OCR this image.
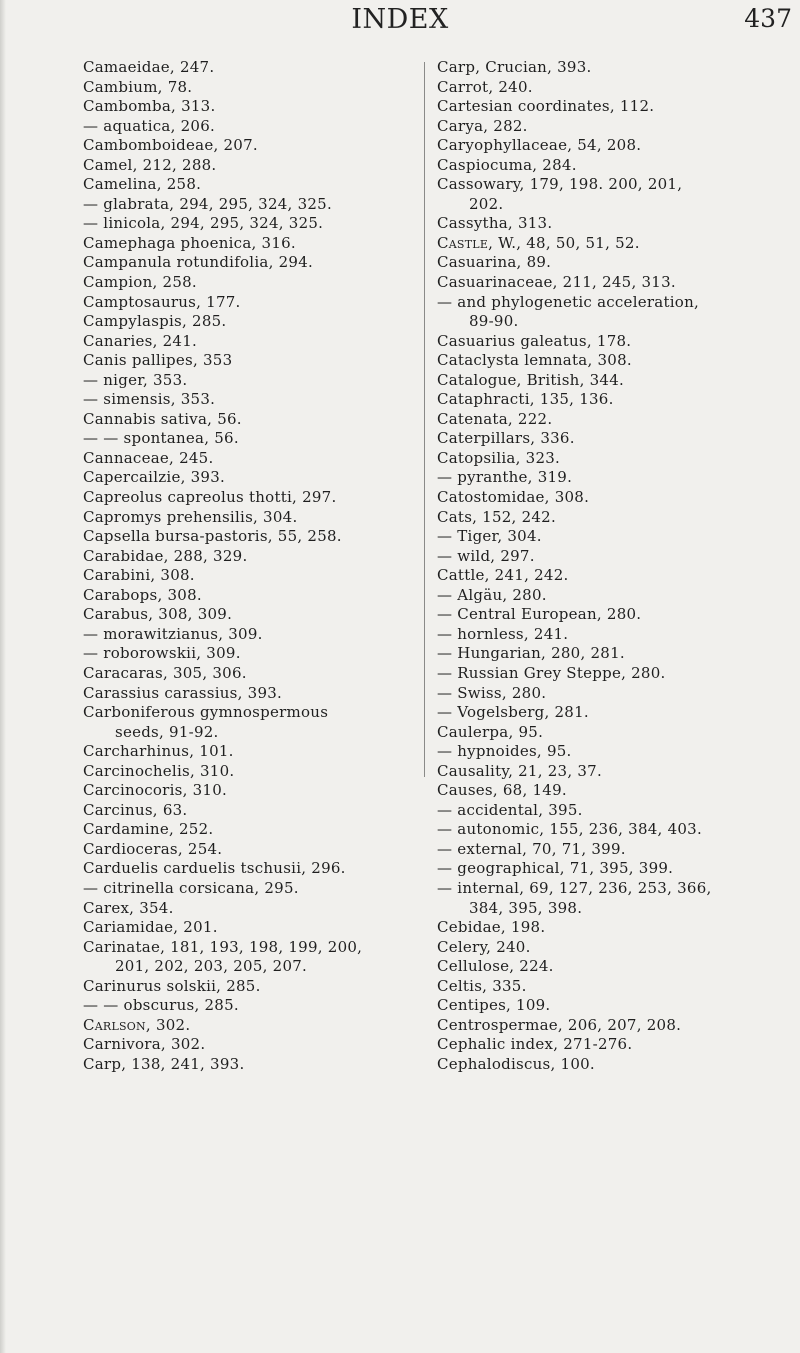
INDEX	437
Camaeidae, 247.
Cambium, 78.
Cambomba, 313.
— aquatica, 206.
Cambomboideae, 207.
Camel, 212, 288.
Camelina, 258.
— glabrata, 294, 295, 324, 325.
— linicola, 294, 295, 324, 325.
Camephaga phoenica, 316.
Campanula rotundifolia, 294.
Campion, 258.
Camptosaurus, 177.
Campylaspis, 285.
Canaries, 241.
Canis pallipes, 353
— niger, 353.
— simensis, 353.
Cannabis sativa, 56.
— — spontanea, 56.
Cannaceae, 245.
Capercailzie, 393.
Capreolus capreolus thotti, 297.
Capromys prehensilis, 304.
Capsella bursa-pastoris, 55, 258.
Carabidae, 288, 329.
Carabini, 308.
Carabops, 308.
Carabus, 308, 309.
— morawitzianus, 309.
— roborowskii, 309.
Caracaras, 305, 306.
Carassius carassius, 393.
Carboniferous gymnospermous
seeds, 91-92.
Carcharhinus, 101.
Carcinochelis, 310.
Carcinocoris, 310.
Carcinus, 63.
Cardamine, 252.
Cardioceras, 254.
Carduelis carduelis tschusii, 296.
— citrinella corsicana, 295.
Carex, 354.
Cariamidae, 201.
Carinatae, 181, 193, 198, 199, 200,
201, 202, 203, 205, 207.
Carinurus solskii, 285.
— — obscurus, 285.
Carlson, 302.
Carnivora, 302.
Carp, 138, 241, 393.
Carp, Crucian, 393.
Carrot, 240.
Cartesian coordinates, 112.
Carya, 282.
Caryophyllaceae, 54, 208.
Caspiocuma, 284.
Cassowary, 179, 198. 200, 201,
202.
Cassytha, 313.
Castle, W., 48, 50, 51, 52.
Casuarina, 89.
Casuarinaceae, 211, 245, 313.
— and phylogenetic acceleration,
89-90.
Casuarius galeatus, 178.
Cataclysta lemnata, 308.
Catalogue, British, 344.
Cataphracti, 135, 136.
Catenata, 222.
Caterpillars, 336.
Catopsilia, 323.
— pyranthe, 319.
Catostomidae, 308.
Cats, 152, 242.
— Tiger, 304.
— wild, 297.
Cattle, 241, 242.
— Algäu, 280.
— Central European, 280.
— hornless, 241.
— Hungarian, 280, 281.
— Russian Grey Steppe, 280.
— Swiss, 280.
— Vogelsberg, 281.
Caulerpa, 95.
— hypnoides, 95.
Causality, 21, 23, 37.
Causes, 68, 149.
— accidental, 395.
— autonomic, 155, 236, 384, 403.
— external, 70, 71, 399.
— geographical, 71, 395, 399.
— internal, 69, 127, 236, 253, 366,
384, 395, 398.
Cebidae, 198.
Celery, 240.
Cellulose, 224.
Celtis, 335.
Centipes, 109.
Centrospermae, 206, 207, 208.
Cephalic index, 271-276.
Cephalodiscus, 100.
